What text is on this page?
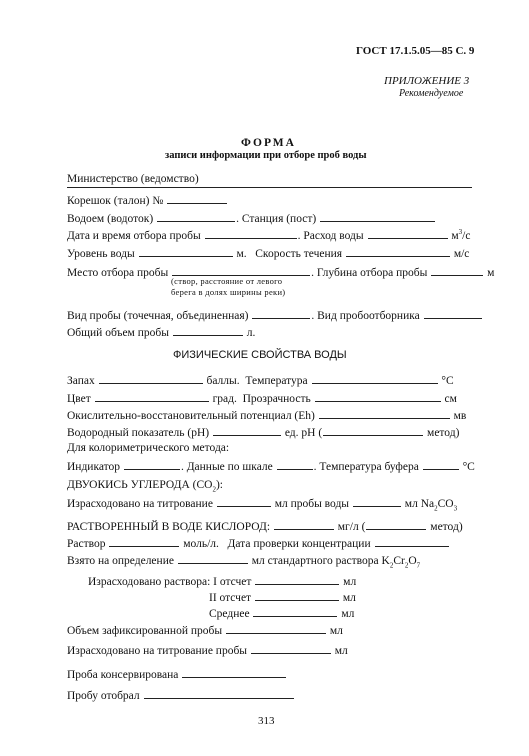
ГОСТ 17.1.5.05—85 С. 9
ПРИЛОЖЕНИЕ 3
Рекомендуемое
ФОРМА
записи информации при отборе проб воды
Министерство (ведомство)
Корешок (талон) №
Водоем (водоток)	. Станция (пост)
Дата и время отбора пробы	. Расход воды	$м^3/с$
Уровень воды	м. Скорость течения	м/с
Место отбора пробы	. Глубина отбора пробы	м
(створ, расстояние от левого
берега в долях ширины реки)
Вид пробы (точечная, объединенная)	. Вид пробоотборника
Общий объем пробы	л.
ФИЗИЧЕСКИЕ СВОЙСТВА ВОДЫ
Запах	баллы. Температура	°С
Цвет	град. Прозрачность	см
Окислительно-восстановительный потенциал (Eh)	мв
Водородный показатель (рН)	ед. рН (	метод)
Для колориметрического метода:
Индикатор	. Данные по шкале	. Температура буфера	°С
ДВУОКИСЬ УГЛЕРОДА $(СО_2)$:
Израсходовано на титрование	мл пробы воды	мл $Na_2CO_3$
РАСТВОРЕННЫЙ В ВОДЕ КИСЛОРОД:	мг/л (	метод)
Раствор	моль/л. Дата проверки концентрации
Взято на определение	мл стандартного раствора $K_2Cr_2O_7$
Израсходовано раствора: I отсчет	мл
II отсчет	мл
Среднее	мл
Объем зафиксированной пробы	мл
Израсходовано на титрование пробы	мл
Проба консервирована
Пробу отобрал
313
